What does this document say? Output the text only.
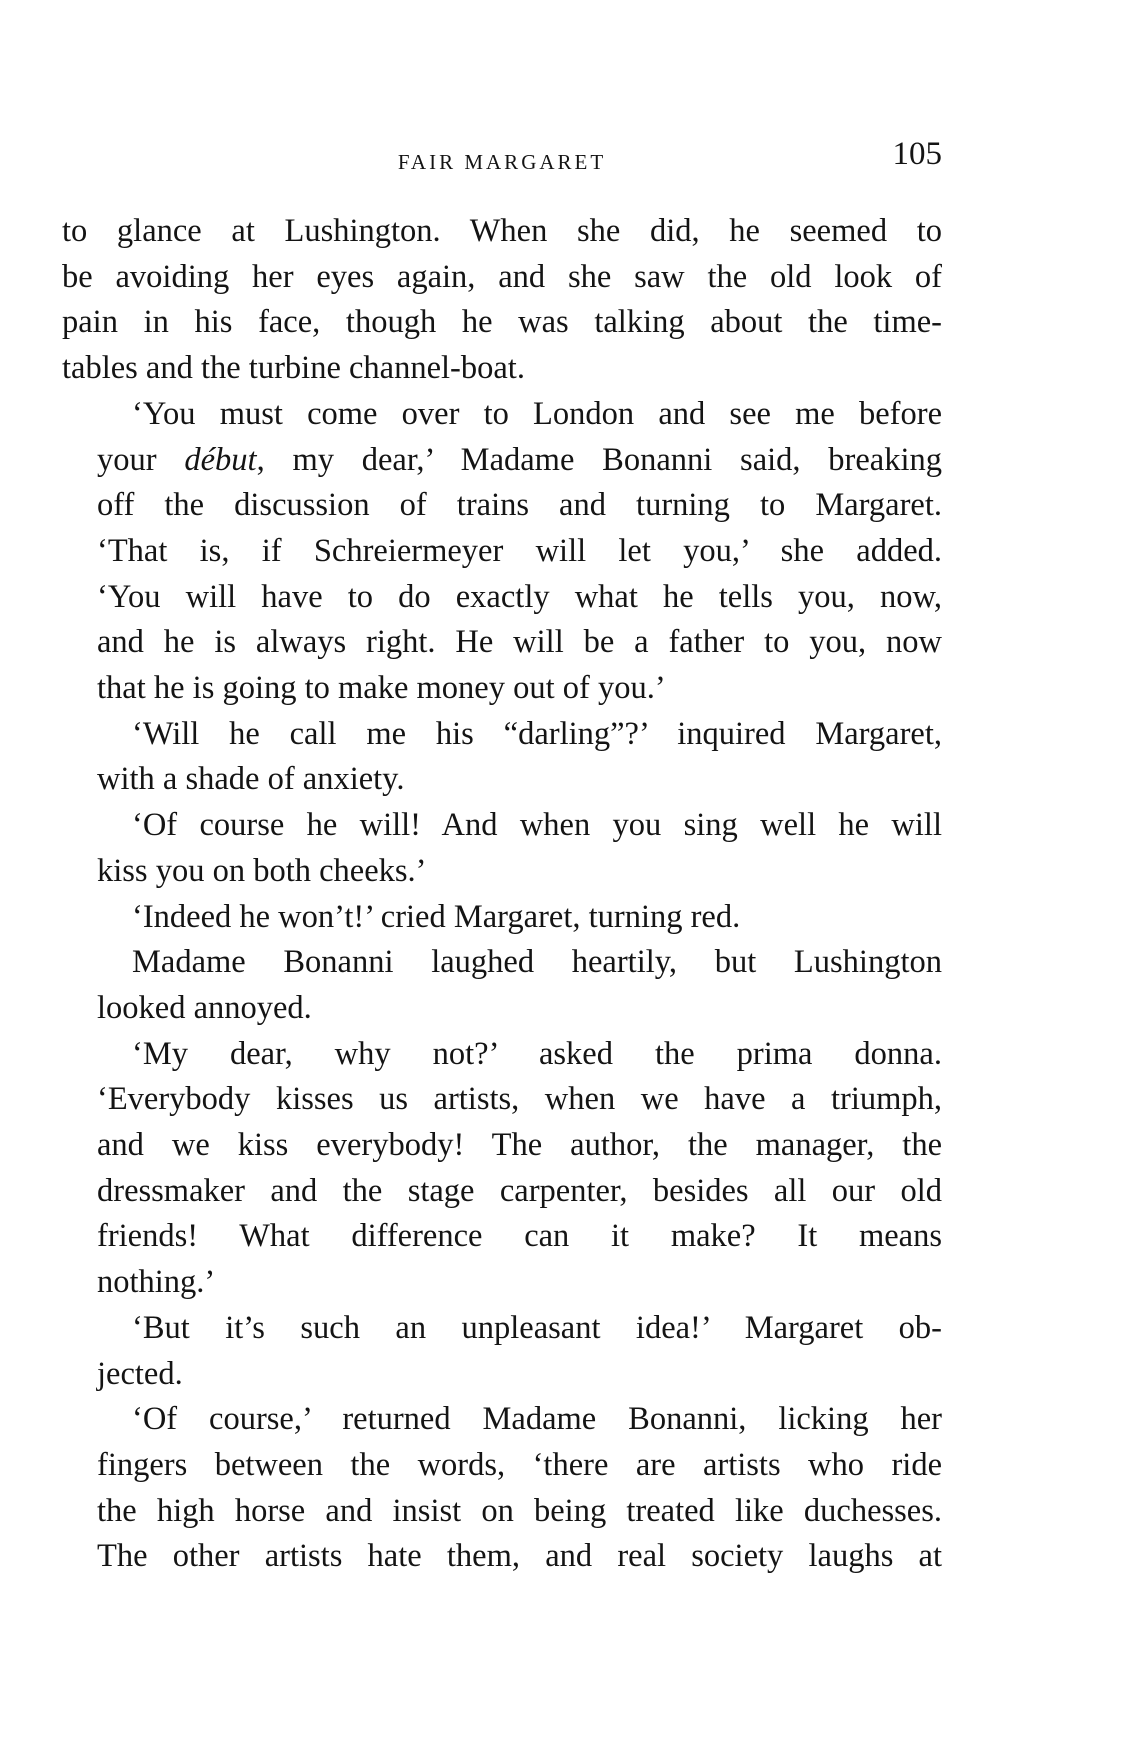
FAIR MARGARET	105
to glance at Lushington. When she did, he seemed to
be avoiding her eyes again, and she saw the old look of
pain in his face, though he was talking about the time-
tables and the turbine channel-boat.
‘You must come over to London and see me before
your début, my dear,’ Madame Bonanni said, breaking
off the discussion of trains and turning to Margaret.
‘That is, if Schreiermeyer will let you,’ she added.
‘You will have to do exactly what he tells you, now,
and he is always right. He will be a father to you, now
that he is going to make money out of you.’
‘Will he call me his “darling”?’ inquired Margaret,
with a shade of anxiety.
‘Of course he will! And when you sing well he will
kiss you on both cheeks.’
‘Indeed he won’t!’ cried Margaret, turning red.
Madame Bonanni laughed heartily, but Lushington
looked annoyed.
‘My dear, why not?’ asked the prima donna.
‘Everybody kisses us artists, when we have a triumph,
and we kiss everybody! The author, the manager, the
dressmaker and the stage carpenter, besides all our old
friends! What difference can it make? It means
nothing.’
‘But it’s such an unpleasant idea!’ Margaret ob-
jected.
‘Of course,’ returned Madame Bonanni, licking her
fingers between the words, ‘there are artists who ride
the high horse and insist on being treated like duchesses.
The other artists hate them, and real society laughs at
